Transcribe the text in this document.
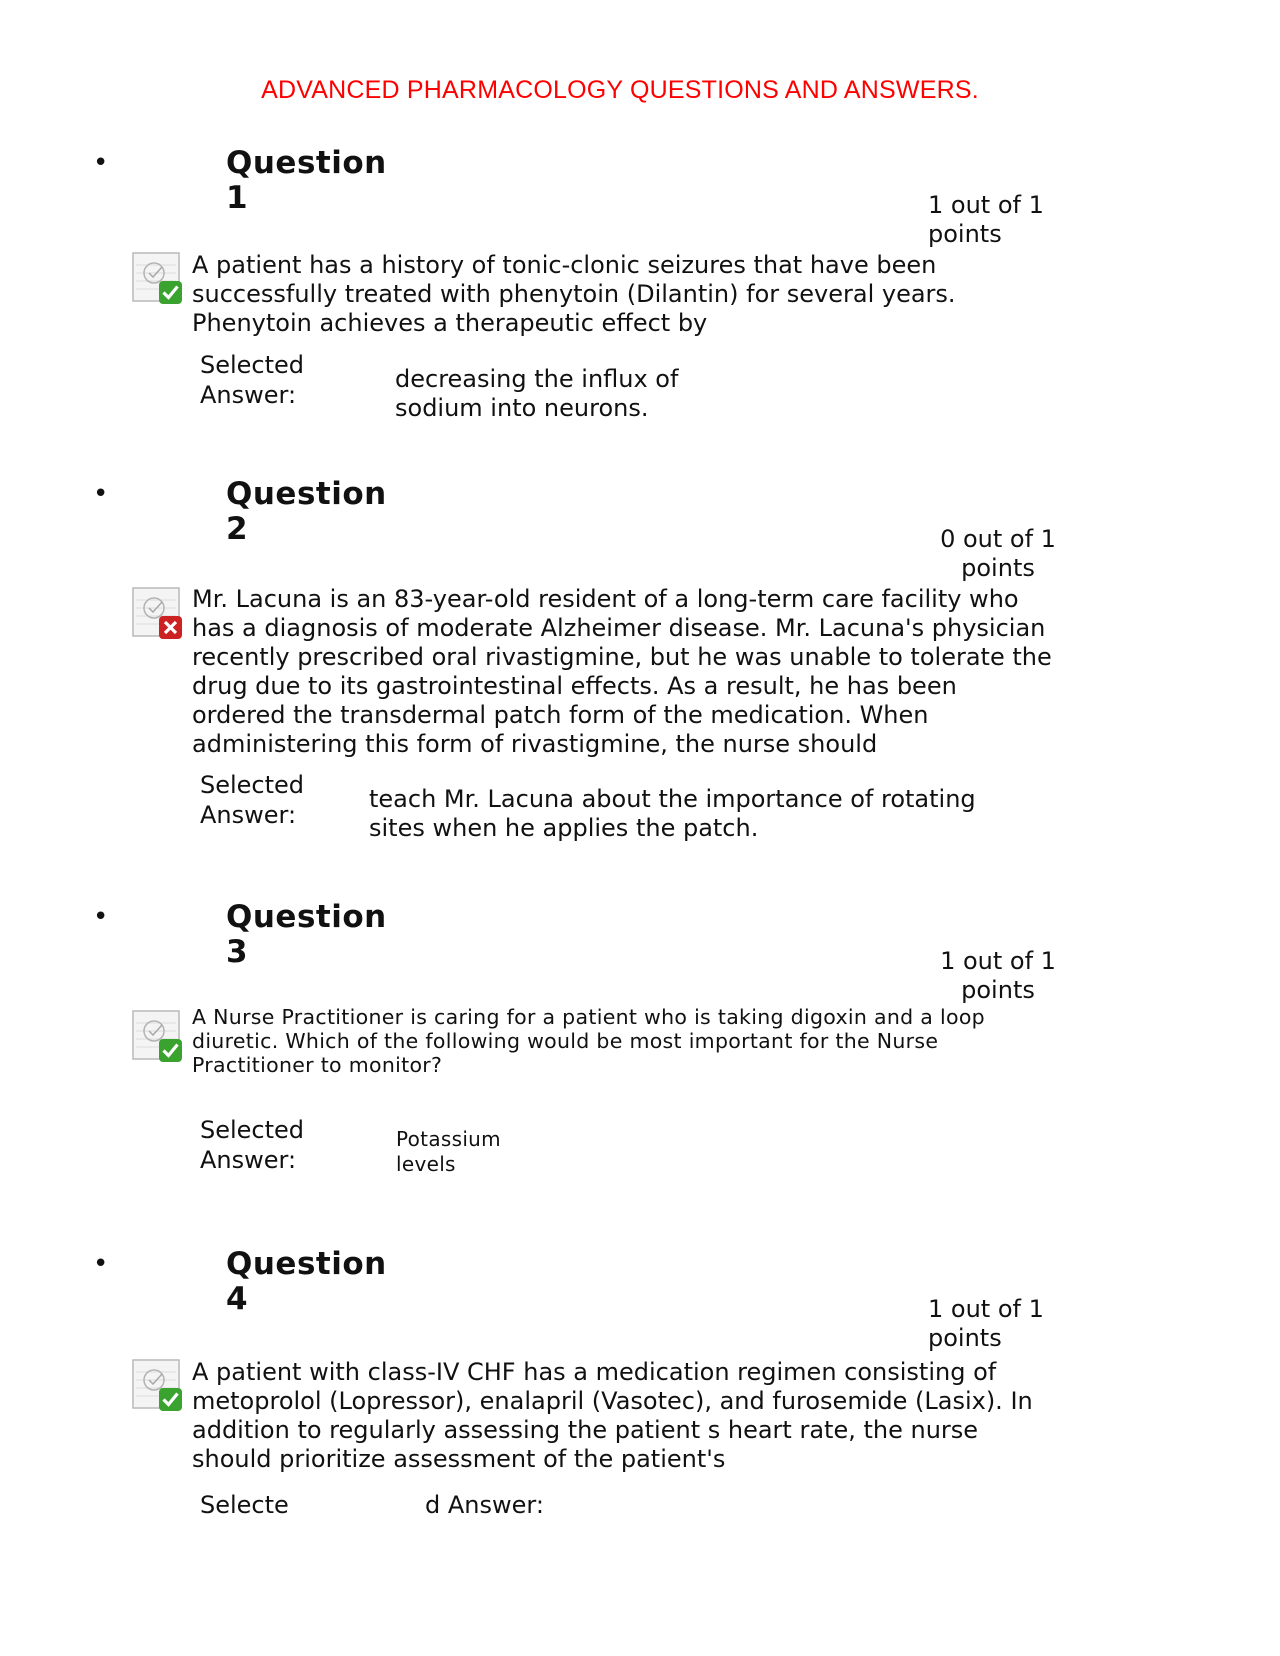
ADVANCED PHARMACOLOGY QUESTIONS AND ANSWERS.
•	Question
1	1 out of 1 points
A patient has a history of tonic-clonic seizures that have been successfully treated with phenytoin (Dilantin) for several years. Phenytoin achieves a therapeutic effect by
Selected Answer:
decreasing the influx of sodium into neurons.
•	Question
2	0 out of 1 points
Mr. Lacuna is an 83-year-old resident of a long-term care facility who has a diagnosis of moderate Alzheimer disease. Mr. Lacuna's physician recently prescribed oral rivastigmine, but he was unable to tolerate the drug due to its gastrointestinal effects. As a result, he has been ordered the transdermal patch form of the medication. When administering this form of rivastigmine, the nurse should
Selected Answer:
teach Mr. Lacuna about the importance of rotating sites when he applies the patch.
•	Question
3	1 out of 1 points
A Nurse Practitioner is caring for a patient who is taking digoxin and a loop diuretic. Which of the following would be most important for the Nurse Practitioner to monitor?
Selected Answer:
Potassium levels
•	Question
4	1 out of 1 points
A patient with class-IV CHF has a medication regimen consisting of metoprolol (Lopressor), enalapril (Vasotec), and furosemide (Lasix). In addition to regularly assessing the patient s heart rate, the nurse should prioritize assessment of the patient's
Selecte	d Answer:
